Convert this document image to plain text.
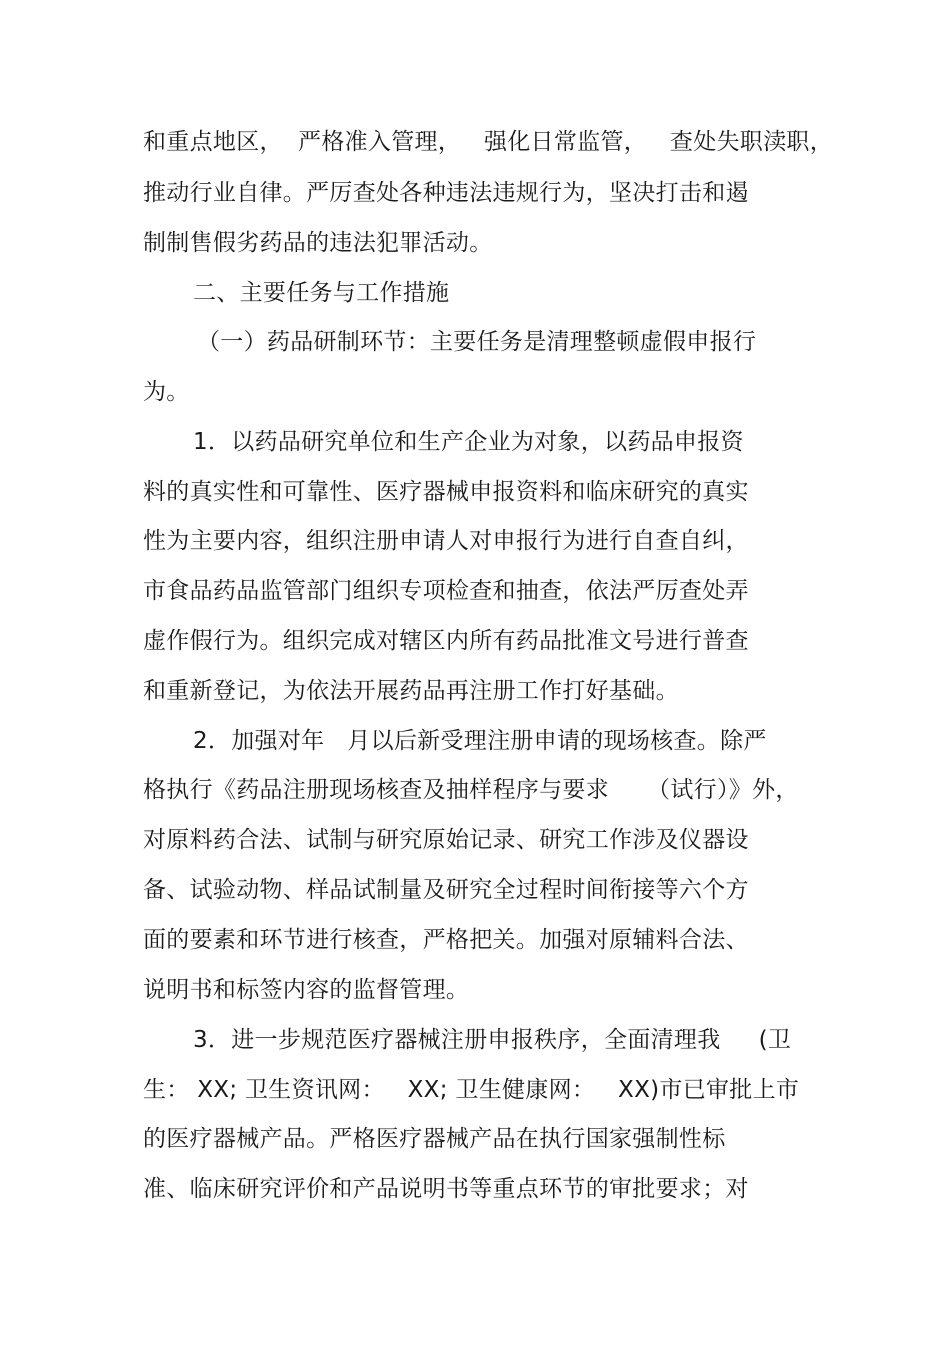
和重点地区，  严格准入管理，   强化日常监管，   查处失职渎职，
推动行业自律。严厉查处各种违法违规行为，坚决打击和遏
制制售假劣药品的违法犯罪活动。
二、主要任务与工作措施
（一）药品研制环节：主要任务是清理整顿虚假申报行
为。
1．以药品研究单位和生产企业为对象，以药品申报资
料的真实性和可靠性、医疗器械申报资料和临床研究的真实
性为主要内容，组织注册申请人对申报行为进行自查自纠，
市食品药品监管部门组织专项检查和抽查，依法严厉查处弄
虚作假行为。组织完成对辖区内所有药品批准文号进行普查
和重新登记，为依法开展药品再注册工作打好基础。
2．加强对年   月以后新受理注册申请的现场核查。除严
格执行《药品注册现场核查及抽样程序与要求     （试行）》外，
对原料药合法、试制与研究原始记录、研究工作涉及仪器设
备、试验动物、样品试制量及研究全过程时间衔接等六个方
面的要素和环节进行核查，严格把关。加强对原辅料合法、
说明书和标签内容的监督管理。
3．进一步规范医疗器械注册申报秩序，全面清理我     (卫
生： XX; 卫生资讯网：   XX; 卫生健康网：   XX)市已审批上市
的医疗器械产品。严格医疗器械产品在执行国家强制性标
准、临床研究评价和产品说明书等重点环节的审批要求；对
